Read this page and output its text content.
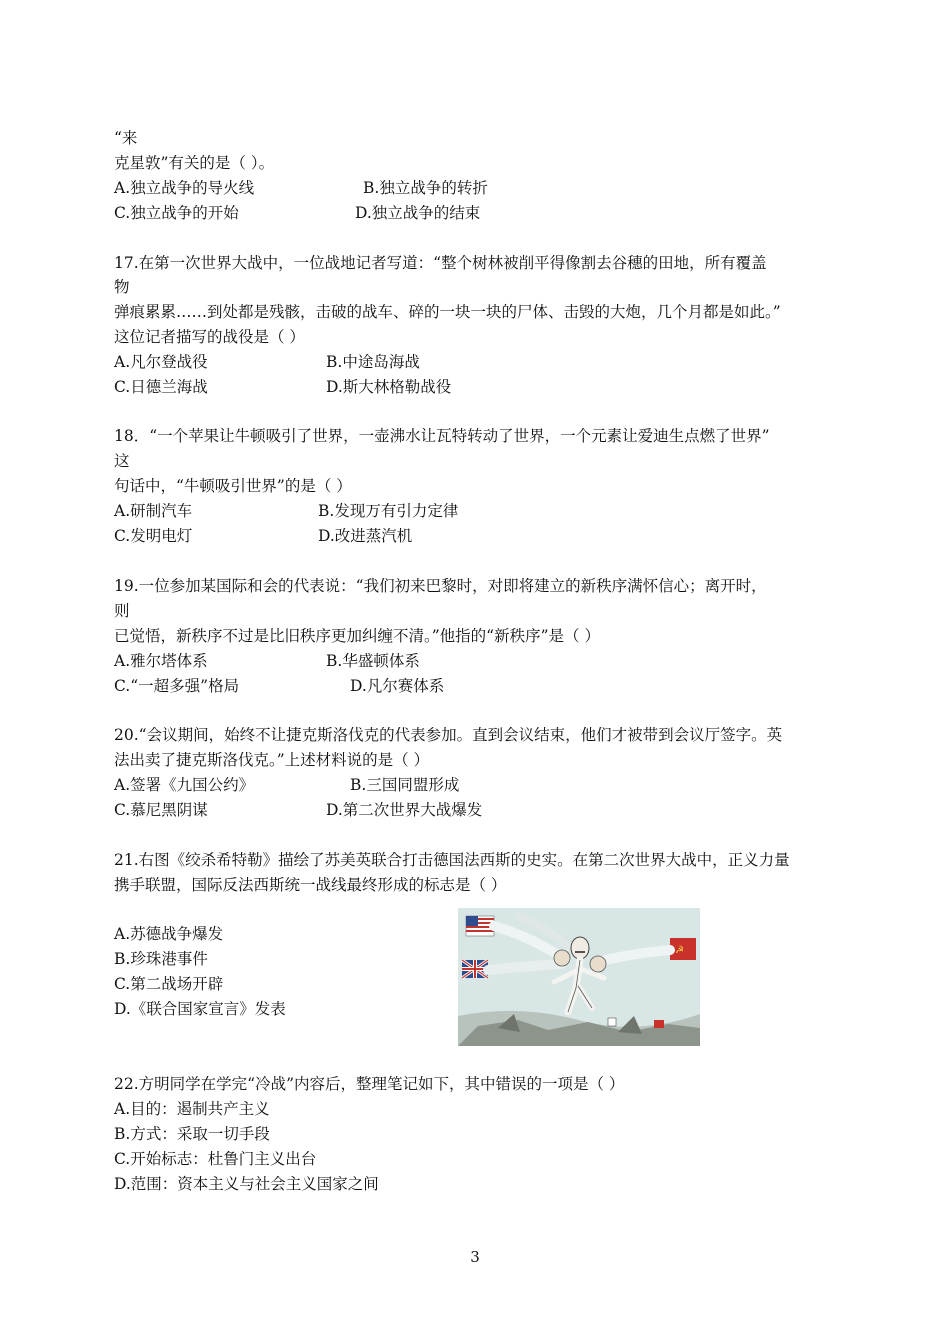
“来
克星敦”有关的是（ ）。
A.独立战争的导火线	B.独立战争的转折
C.独立战争的开始	D.独立战争的结束
17.在第一次世界大战中，一位战地记者写道：“整个树林被削平得像割去谷穗的田地，所有覆盖
物
弹痕累累……到处都是残骸，击破的战车、碎的一块一块的尸体、击毁的大炮，几个月都是如此。”
这位记者描写的战役是（ ）
A.凡尔登战役	B.中途岛海战
C.日德兰海战	D.斯大林格勒战役
18．“一个苹果让牛顿吸引了世界，一壶沸水让瓦特转动了世界，一个元素让爱迪生点燃了世界”
这
句话中，“牛顿吸引世界”的是（ ）
A.研制汽车	B.发现万有引力定律
C.发明电灯	D.改进蒸汽机
19.一位参加某国际和会的代表说：“我们初来巴黎时，对即将建立的新秩序满怀信心；离开时，
则
已觉悟，新秩序不过是比旧秩序更加纠缠不清。”他指的“新秩序”是（ ）
A.雅尔塔体系	B.华盛顿体系
C.“一超多强”格局	D.凡尔赛体系
20.“会议期间，始终不让捷克斯洛伐克的代表参加。直到会议结束，他们才被带到会议厅签字。英
法出卖了捷克斯洛伐克。”上述材料说的是（ ）
A.签署《九国公约》	B.三国同盟形成
C.慕尼黑阴谋	D.第二次世界大战爆发
21.右图《绞杀希特勒》描绘了苏美英联合打击德国法西斯的史实。在第二次世界大战中，正义力量
携手联盟，国际反法西斯统一战线最终形成的标志是（ ）
A.苏德战争爆发
B.珍珠港事件
C.第二战场开辟
D.《联合国家宣言》发表
☭
22.方明同学在学完“冷战”内容后，整理笔记如下，其中错误的一项是（ ）
A.目的：遏制共产主义
B.方式：采取一切手段
C.开始标志：杜鲁门主义出台
D.范围：资本主义与社会主义国家之间
3
